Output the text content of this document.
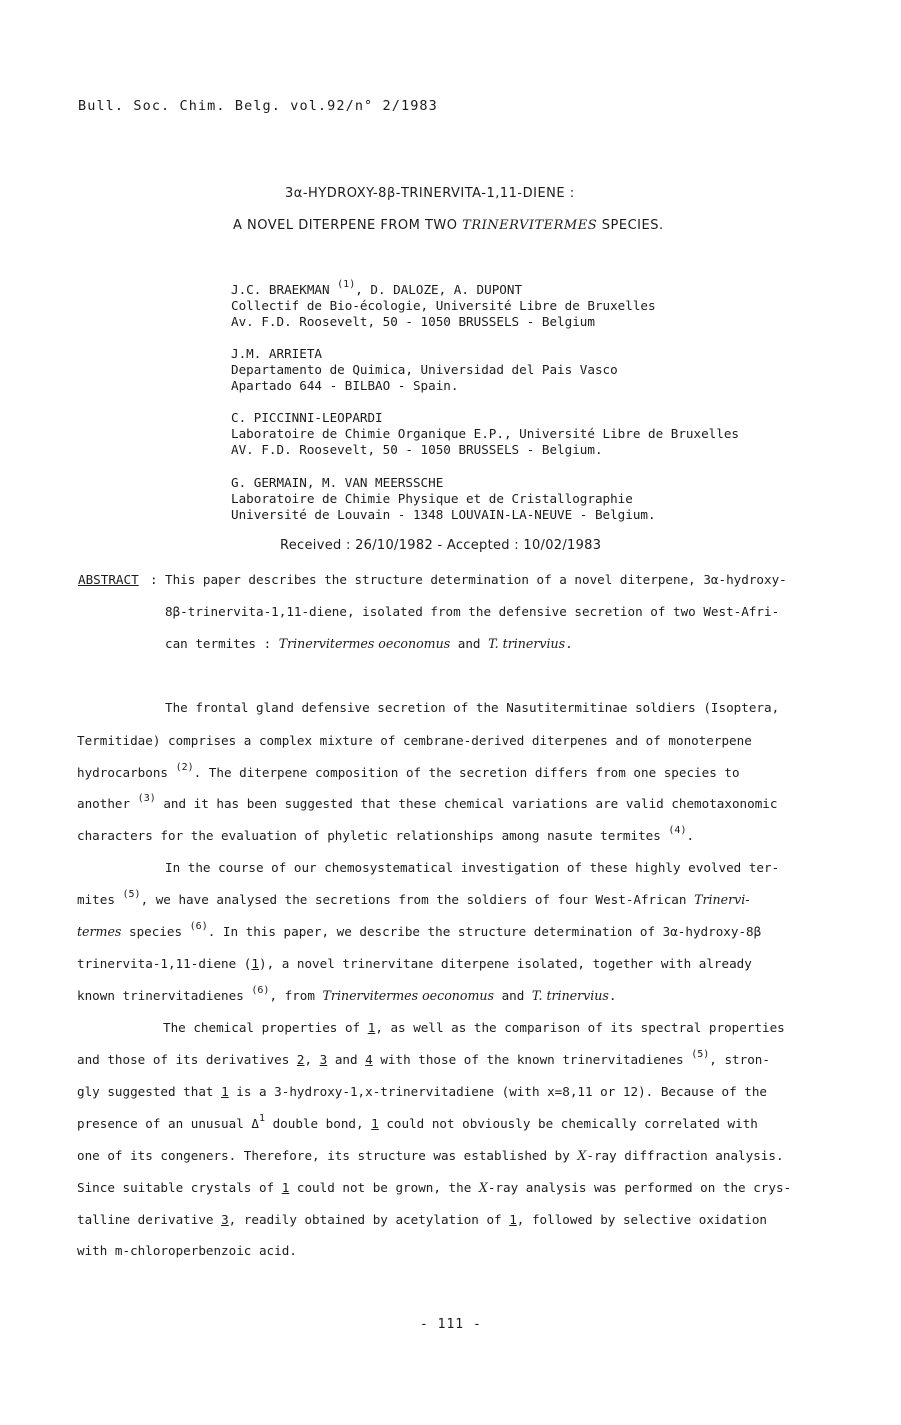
Bull. Soc. Chim. Belg. vol.92/n° 2/1983
3α-HYDROXY-8β-TRINERVITA-1,11-DIENE :
A NOVEL DITERPENE FROM TWO TRINERVITERMES SPECIES.
J.C. BRAEKMAN $^{(1)}$, D. DALOZE, A. DUPONT
Collectif de Bio-écologie, Université Libre de Bruxelles
Av. F.D. Roosevelt, 50 - 1050 BRUSSELS - Belgium
J.M. ARRIETA
Departamento de Quimica, Universidad del Pais Vasco
Apartado 644 - BILBAO - Spain.
C. PICCINNI-LEOPARDI
Laboratoire de Chimie Organique E.P., Université Libre de Bruxelles
AV. F.D. Roosevelt, 50 - 1050 BRUSSELS - Belgium.
G. GERMAIN, M. VAN MEERSSCHE
Laboratoire de Chimie Physique et de Cristallographie
Université de Louvain - 1348 LOUVAIN-LA-NEUVE - Belgium.
Received : 26/10/1982 - Accepted : 10/02/1983
ABSTRACT : This paper describes the structure determination of a novel diterpene, 3α-hydroxy-
8β-trinervita-1,11-diene, isolated from the defensive secretion of two West-Afri-
can termites : Trinervitermes oeconomus and T. trinervius.
The frontal gland defensive secretion of the Nasutitermitinae soldiers (Isoptera,
Termitidae) comprises a complex mixture of cembrane-derived diterpenes and of monoterpene
hydrocarbons $^{(2)}$. The diterpene composition of the secretion differs from one species to
another $^{(3)}$ and it has been suggested that these chemical variations are valid chemotaxonomic
characters for the evaluation of phyletic relationships among nasute termites $^{(4)}$.
In the course of our chemosystematical investigation of these highly evolved ter-
mites $^{(5)}$, we have analysed the secretions from the soldiers of four West-African Trinervi-
termes species $^{(6)}$. In this paper, we describe the structure determination of 3α-hydroxy-8β
trinervita-1,11-diene (1), a novel trinervitane diterpene isolated, together with already
known trinervitadienes $^{(6)}$, from Trinervitermes oeconomus and T. trinervius.
The chemical properties of 1, as well as the comparison of its spectral properties
and those of its derivatives 2, 3 and 4 with those of the known trinervitadienes $^{(5)}$, stron-
gly suggested that 1 is a 3-hydroxy-1,x-trinervitadiene (with x=8,11 or 12). Because of the
presence of an unusual $\Delta^1$ double bond, 1 could not obviously be chemically correlated with
one of its congeners. Therefore, its structure was established by X-ray diffraction analysis.
Since suitable crystals of 1 could not be grown, the X-ray analysis was performed on the crys-
talline derivative 3, readily obtained by acetylation of 1, followed by selective oxidation
with m-chloroperbenzoic acid.
- 111 -
